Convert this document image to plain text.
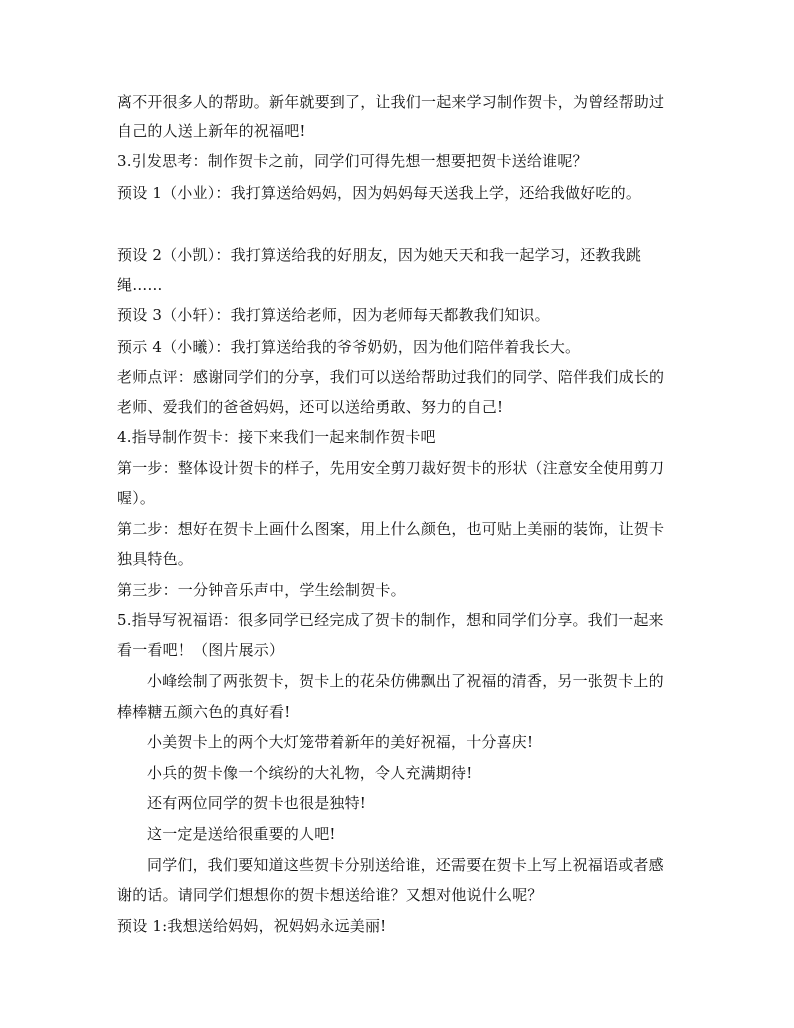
离不开很多人的帮助。新年就要到了，让我们一起来学习制作贺卡，为曾经帮助过
自己的人送上新年的祝福吧!
3.引发思考：制作贺卡之前，同学们可得先想一想要把贺卡送给谁呢？
预设 1（小业）：我打算送给妈妈，因为妈妈每天送我上学，还给我做好吃的。
预设 2（小凯）：我打算送给我的好朋友，因为她天天和我一起学习，还教我跳
绳……
预设 3（小轩）：我打算送给老师，因为老师每天都教我们知识。
预示 4（小曦）：我打算送给我的爷爷奶奶，因为他们陪伴着我长大。
老师点评：感谢同学们的分享，我们可以送给帮助过我们的同学、陪伴我们成长的
老师、爱我们的爸爸妈妈，还可以送给勇敢、努力的自己!
4.指导制作贺卡：接下来我们一起来制作贺卡吧
第一步：整体设计贺卡的样子，先用安全剪刀裁好贺卡的形状（注意安全使用剪刀
喔）。
第二步：想好在贺卡上画什么图案，用上什么颜色，也可贴上美丽的装饰，让贺卡
独具特色。
第三步：一分钟音乐声中，学生绘制贺卡。
5.指导写祝福语：很多同学已经完成了贺卡的制作，想和同学们分享。我们一起来
看一看吧！（图片展示）
小峰绘制了两张贺卡，贺卡上的花朵仿佛飘出了祝福的清香，另一张贺卡上的
棒棒糖五颜六色的真好看!
小美贺卡上的两个大灯笼带着新年的美好祝福，十分喜庆!
小兵的贺卡像一个缤纷的大礼物，令人充满期待!
还有两位同学的贺卡也很是独特!
这一定是送给很重要的人吧!
同学们，我们要知道这些贺卡分别送给谁，还需要在贺卡上写上祝福语或者感
谢的话。请同学们想想你的贺卡想送给谁？又想对他说什么呢？
预设 1:我想送给妈妈，祝妈妈永远美丽!
